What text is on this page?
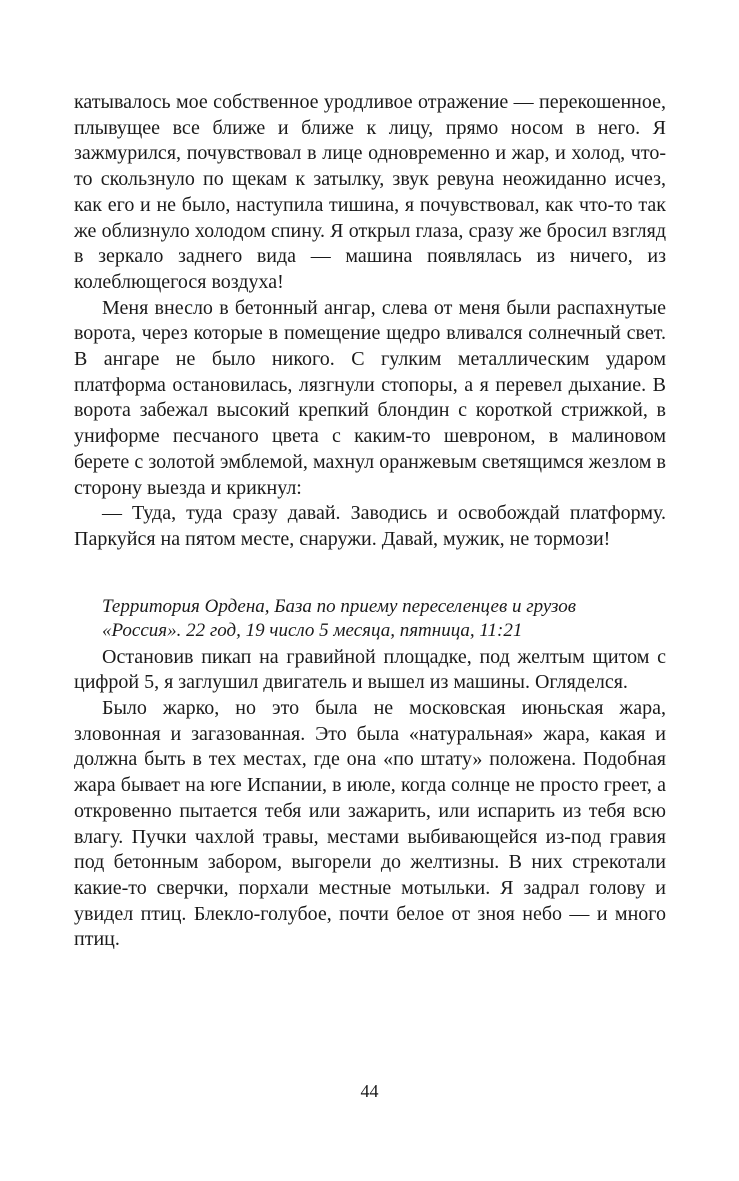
катывалось мое собственное уродливое отражение — перекошенное, плывущее все ближе и ближе к лицу, прямо носом в него. Я зажмурился, почувствовал в лице одновременно и жар, и холод, что-то скользнуло по щекам к затылку, звук ревуна неожиданно исчез, как его и не было, наступила тишина, я почувствовал, как что-то так же облизнуло холодом спину. Я открыл глаза, сразу же бросил взгляд в зеркало заднего вида — машина появлялась из ничего, из колеблющегося воздуха!

Меня внесло в бетонный ангар, слева от меня были распахнутые ворота, через которые в помещение щедро вливался солнечный свет. В ангаре не было никого. С гулким металлическим ударом платформа остановилась, лязгнули стопоры, а я перевел дыхание. В ворота забежал высокий крепкий блондин с короткой стрижкой, в униформе песчаного цвета с каким-то шевроном, в малиновом берете с золотой эмблемой, махнул оранжевым светящимся жезлом в сторону выезда и крикнул:

— Туда, туда сразу давай. Заводись и освобождай платформу. Паркуйся на пятом месте, снаружи. Давай, мужик, не тормози!

Территория Ордена, База по приему переселенцев и грузов
«Россия». 22 год, 19 число 5 месяца, пятница, 11:21

Остановив пикап на гравийной площадке, под желтым щитом с цифрой 5, я заглушил двигатель и вышел из машины. Огляделся.

Было жарко, но это была не московская июньская жара, зловонная и загазованная. Это была «натуральная» жара, какая и должна быть в тех местах, где она «по штату» положена. Подобная жара бывает на юге Испании, в июле, когда солнце не просто греет, а откровенно пытается тебя или зажарить, или испарить из тебя всю влагу. Пучки чахлой травы, местами выбивающейся из-под гравия под бетонным забором, выгорели до желтизны. В них стрекотали какие-то сверчки, порхали местные мотыльки. Я задрал голову и увидел птиц. Блекло-голубое, почти белое от зноя небо — и много птиц.

44
